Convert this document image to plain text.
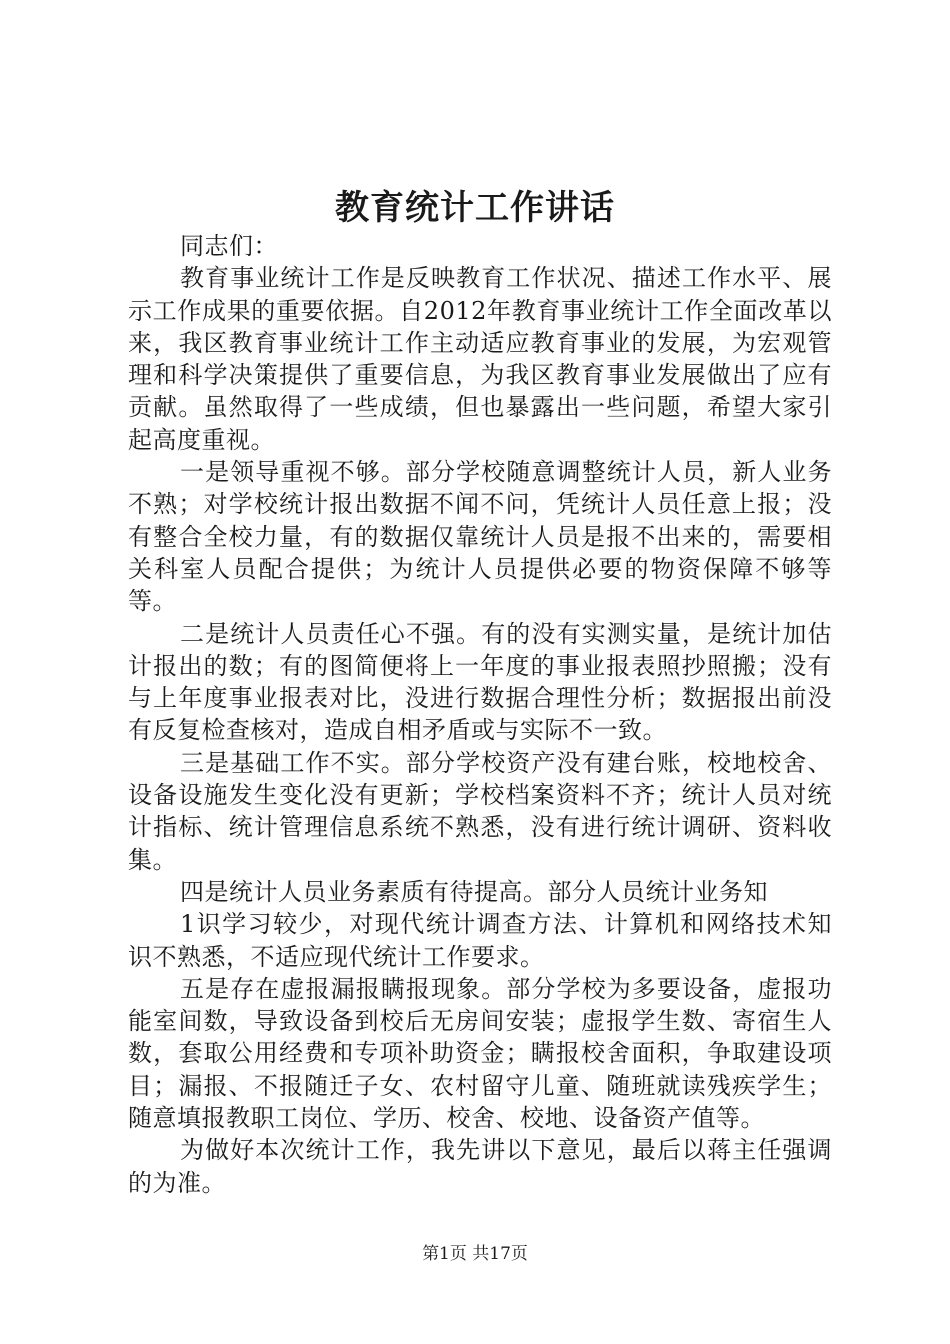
教育统计工作讲话

同志们：

教育事业统计工作是反映教育工作状况、描述工作水平、展示工作成果的重要依据。自2012年教育事业统计工作全面改革以来，我区教育事业统计工作主动适应教育事业的发展，为宏观管理和科学决策提供了重要信息，为我区教育事业发展做出了应有贡献。虽然取得了一些成绩，但也暴露出一些问题，希望大家引起高度重视。

一是领导重视不够。部分学校随意调整统计人员，新人业务不熟；对学校统计报出数据不闻不问，凭统计人员任意上报；没有整合全校力量，有的数据仅靠统计人员是报不出来的，需要相关科室人员配合提供；为统计人员提供必要的物资保障不够等等。

二是统计人员责任心不强。有的没有实测实量，是统计加估计报出的数；有的图简便将上一年度的事业报表照抄照搬；没有与上年度事业报表对比，没进行数据合理性分析；数据报出前没有反复检查核对，造成自相矛盾或与实际不一致。

三是基础工作不实。部分学校资产没有建台账，校地校舍、设备设施发生变化没有更新；学校档案资料不齐；统计人员对统计指标、统计管理信息系统不熟悉，没有进行统计调研、资料收集。

四是统计人员业务素质有待提高。部分人员统计业务知

1识学习较少，对现代统计调查方法、计算机和网络技术知识不熟悉，不适应现代统计工作要求。

五是存在虚报漏报瞒报现象。部分学校为多要设备，虚报功能室间数，导致设备到校后无房间安装；虚报学生数、寄宿生人数，套取公用经费和专项补助资金；瞒报校舍面积，争取建设项目；漏报、不报随迁子女、农村留守儿童、随班就读残疾学生；随意填报教职工岗位、学历、校舍、校地、设备资产值等。

为做好本次统计工作，我先讲以下意见，最后以蒋主任强调的为准。

第1页 共17页
